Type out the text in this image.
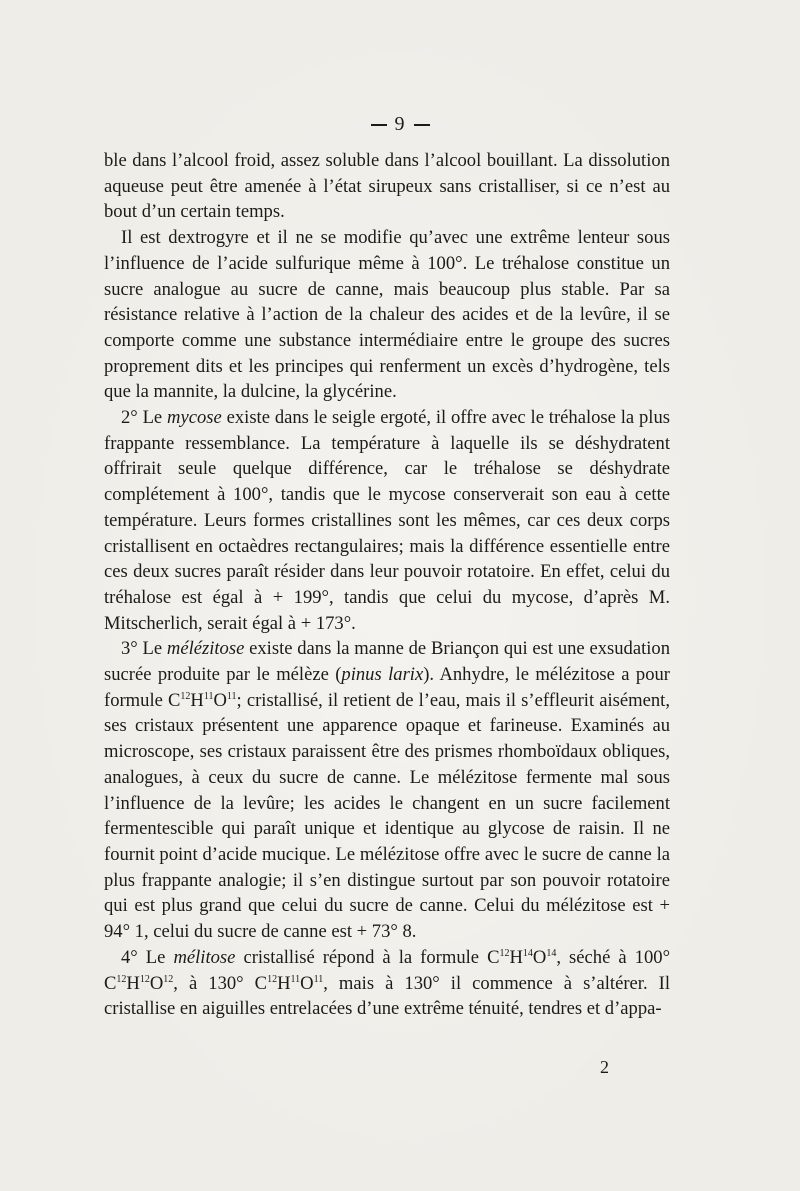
9

ble dans l’alcool froid, assez soluble dans l’alcool bouillant. La dissolution aqueuse peut être amenée à l’état sirupeux sans cristalliser, si ce n’est au bout d’un certain temps.

Il est dextrogyre et il ne se modifie qu’avec une extrême lenteur sous l’influence de l’acide sulfurique même à 100°. Le tréhalose constitue un sucre analogue au sucre de canne, mais beaucoup plus stable. Par sa résistance relative à l’action de la chaleur des acides et de la levûre, il se comporte comme une substance intermédiaire entre le groupe des sucres proprement dits et les principes qui renferment un excès d’hydrogène, tels que la mannite, la dulcine, la glycérine.

2° Le mycose existe dans le seigle ergoté, il offre avec le tréhalose la plus frappante ressemblance. La température à laquelle ils se déshydratent offrirait seule quelque différence, car le tréhalose se déshydrate complétement à 100°, tandis que le mycose conserverait son eau à cette température. Leurs formes cristallines sont les mêmes, car ces deux corps cristallisent en octaèdres rectangulaires; mais la différence essentielle entre ces deux sucres paraît résider dans leur pouvoir rotatoire. En effet, celui du tréhalose est égal à + 199°, tandis que celui du mycose, d’après M. Mitscherlich, serait égal à + 173°.

3° Le mélézitose existe dans la manne de Briançon qui est une exsudation sucrée produite par le mélèze (pinus larix). Anhydre, le mélézitose a pour formule $C^{12}H^{11}O^{11}$; cristallisé, il retient de l’eau, mais il s’effleurit aisément, ses cristaux présentent une apparence opaque et farineuse. Examinés au microscope, ses cristaux paraissent être des prismes rhomboïdaux obliques, analogues, à ceux du sucre de canne. Le mélézitose fermente mal sous l’influence de la levûre; les acides le changent en un sucre facilement fermentescible qui paraît unique et identique au glycose de raisin. Il ne fournit point d’acide mucique. Le mélézitose offre avec le sucre de canne la plus frappante analogie; il s’en distingue surtout par son pouvoir rotatoire qui est plus grand que celui du sucre de canne. Celui du mélézitose est + 94° 1, celui du sucre de canne est + 73° 8.

4° Le mélitose cristallisé répond à la formule $C^{12}H^{14}O^{14}$, séché à 100° $C^{12}H^{12}O^{12}$, à 130° $C^{12}H^{11}O^{11}$, mais à 130° il commence à s’altérer. Il cristallise en aiguilles entrelacées d’une extrême ténuité, tendres et d’appa-

2
